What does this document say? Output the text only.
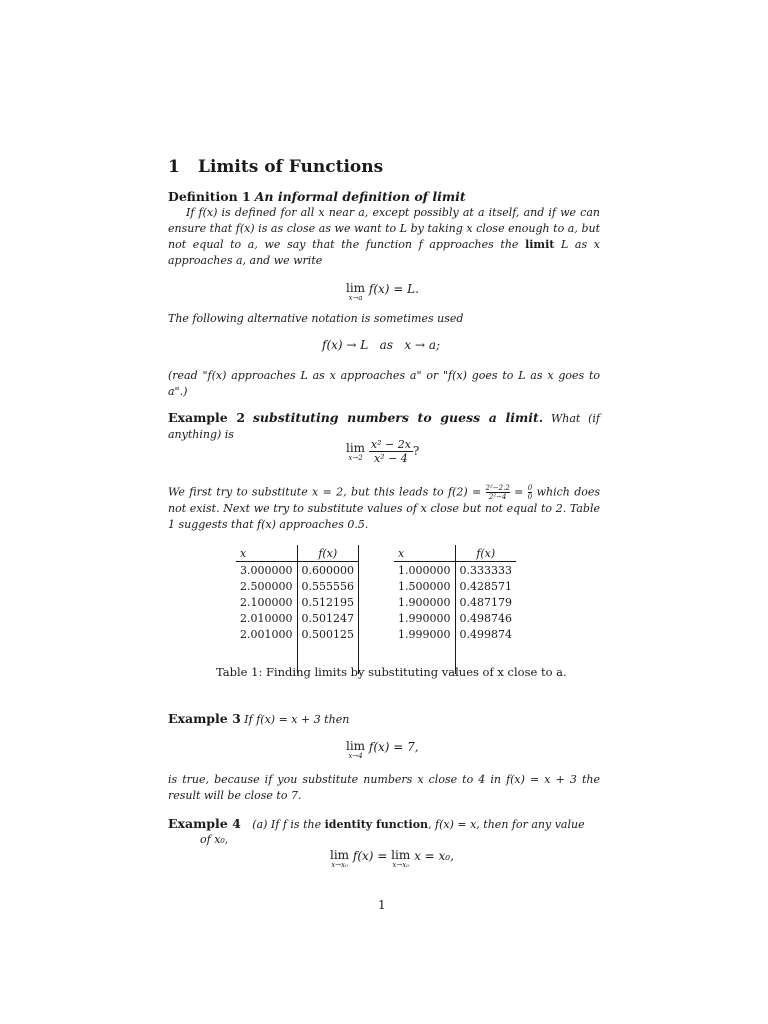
1 Limits of Functions
Definition 1 An informal definition of limit
If f(x) is defined for all x near a, except possibly at a itself, and if we can ensure that f(x) is as close as we want to L by taking x close enough to a, but not equal to a, we say that the function f approaches the limit L as x approaches a, and we write
lim
x→a
f(x) = L.
The following alternative notation is sometimes used
f(x) → L   as   x → a;
(read "f(x) approaches L as x approaches a" or "f(x) goes to L as x goes to a".)
Example 2 substituting numbers to guess a limit. What (if anything) is
lim
x→2
$\frac{\text{x² − 2x}}{\text{x² − 4}}$ ?
We first try to substitute x = 2, but this leads to $f(2) = \frac{\text{2²−2.2}}{\text{2²−4}} = \frac{0}{0}$ which does not exist. Next we try to substitute values of x close but not equal to 2. Table 1 suggests that f(x) approaches 0.5.
x	f(x)
3.000000	0.600000
2.500000	0.555556
2.100000	0.512195
2.010000	0.501247
2.001000	0.500125

x	f(x)
1.000000	0.333333
1.500000	0.428571
1.900000	0.487179
1.990000	0.498746
1.999000	0.499874

Table 1: Finding limits by substituting values of x close to a.
Example 3 If f(x) = x + 3 then
lim
x→4
f(x) = 7,
is true, because if you substitute numbers x close to 4 in f(x) = x + 3 the result will be close to 7.
Example 4 (a) If f is the identity function, f(x) = x, then for any value
of x₀,
lim
x→x₀
f(x) = lim
x→x₀
x = x₀,
1
